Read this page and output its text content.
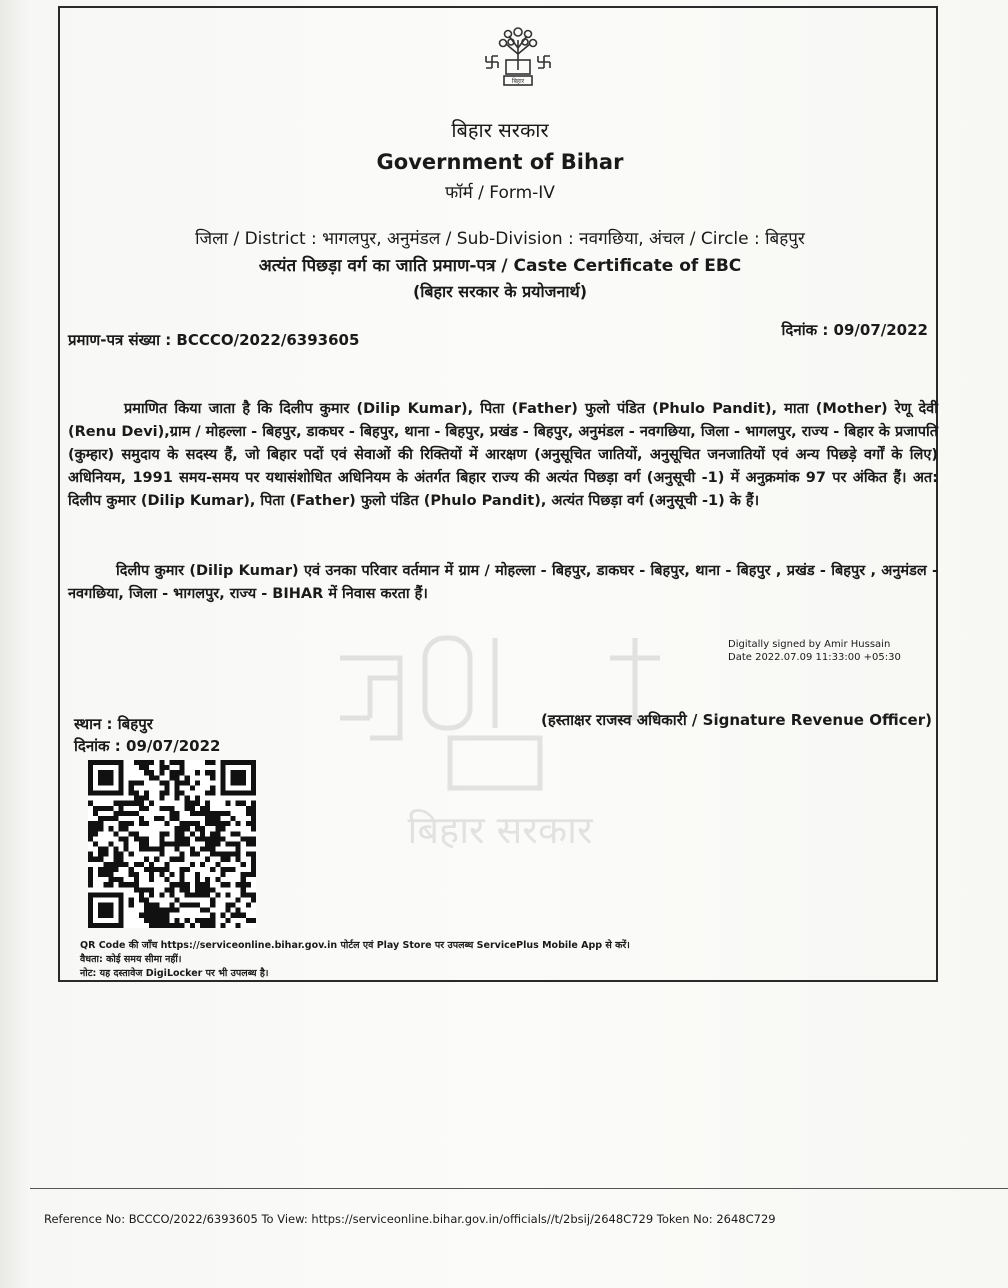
बिहार
बिहार सरकार
Government of Bihar
फॉर्म / Form-IV
जिला / District : भागलपुर, अनुमंडल / Sub-Division : नवगछिया, अंचल / Circle : बिहपुर
अत्यंत पिछड़ा वर्ग का जाति प्रमाण-पत्र / Caste Certificate of EBC
(बिहार सरकार के प्रयोजनार्थ)
प्रमाण-पत्र संख्या : BCCCO/2022/6393605
दिनांक : 09/07/2022
प्रमाणित किया जाता है कि दिलीप कुमार (Dilip Kumar), पिता (Father) फुलो पंडित (Phulo Pandit), माता (Mother) रेणू देवी (Renu Devi),ग्राम / मोहल्ला - बिहपुर, डाकघर - बिहपुर, थाना - बिहपुर, प्रखंड - बिहपुर, अनुमंडल - नवगछिया, जिला - भागलपुर, राज्य - बिहार के प्रजापति (कुम्हार) समुदाय के सदस्य हैं, जो बिहार पदों एवं सेवाओं की रिक्तियों में आरक्षण (अनुसूचित जातियों, अनुसूचित जनजातियों एवं अन्य पिछड़े वर्गों के लिए) अधिनियम, 1991 समय-समय पर यथासंशोधित अधिनियम के अंतर्गत बिहार राज्य की अत्यंत पिछड़ा वर्ग (अनुसूची -1) में अनुक्रमांक 97 पर अंकित हैं। अत: दिलीप कुमार (Dilip Kumar), पिता (Father) फुलो पंडित (Phulo Pandit), अत्यंत पिछड़ा वर्ग (अनुसूची -1) के हैं।
दिलीप कुमार (Dilip Kumar) एवं उनका परिवार वर्तमान में ग्राम / मोहल्ला - बिहपुर, डाकघर - बिहपुर, थाना - बिहपुर , प्रखंड - बिहपुर , अनुमंडल - नवगछिया, जिला - भागलपुर, राज्य - BIHAR में निवास करता हैं।
बिहार सरकार
Digitally signed by Amir Hussain
Date 2022.07.09 11:33:00 +05:30
स्थान : बिहपुर
दिनांक : 09/07/2022
(हस्ताक्षर राजस्व अधिकारी / Signature Revenue Officer)
QR Code की जाँच https://serviceonline.bihar.gov.in पोर्टल एवं Play Store पर उपलब्ध ServicePlus Mobile App से करें।
वैधता: कोई समय सीमा नहीं।
नोट: यह दस्तावेज DigiLocker पर भी उपलब्ध है।
Reference No: BCCCO/2022/6393605 To View: https://serviceonline.bihar.gov.in/officials//t/2bsij/2648C729 Token No: 2648C729
